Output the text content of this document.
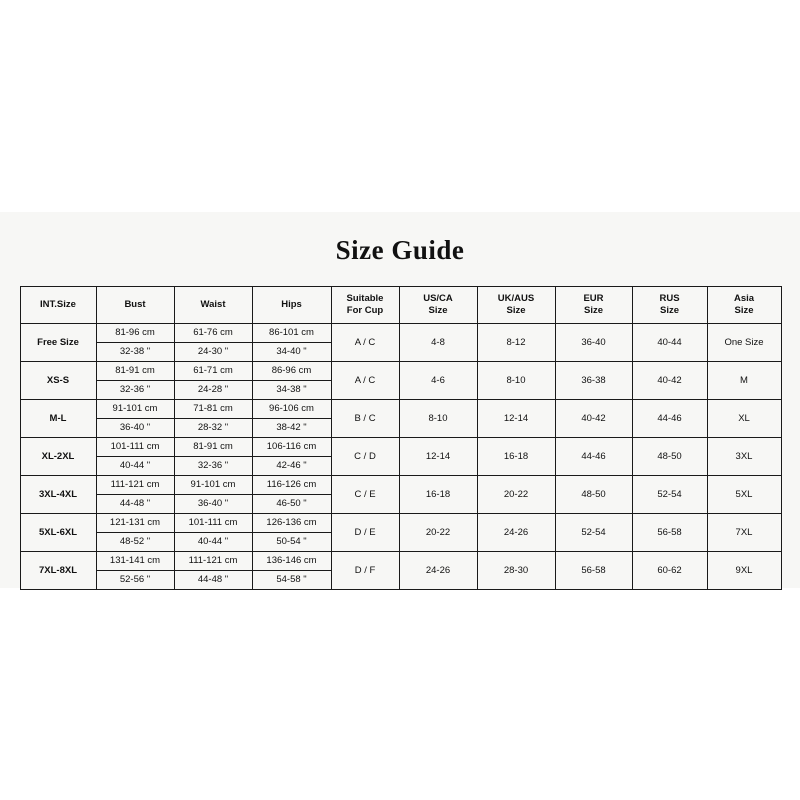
Size Guide
INT.Size	Bust	Waist	Hips	Suitable
For Cup	US/CA
Size	UK/AUS
Size	EUR
Size	RUS
Size	Asia
Size

Free Size	81-96 cm
32-38 "	61-76 cm
24-30 "	86-101 cm
34-40 "	A / C	4-8	8-12	36-40	40-44	One Size
XS-S	81-91 cm
32-36 "	61-71 cm
24-28 "	86-96 cm
34-38 "	A / C	4-6	8-10	36-38	40-42	M
M-L	91-101 cm
36-40 "	71-81 cm
28-32 "	96-106 cm
38-42 "	B / C	8-10	12-14	40-42	44-46	XL
XL-2XL	101-111 cm
40-44 "	81-91 cm
32-36 "	106-116 cm
42-46 "	C / D	12-14	16-18	44-46	48-50	3XL
3XL-4XL	111-121 cm
44-48 "	91-101 cm
36-40 "	116-126 cm
46-50 "	C / E	16-18	20-22	48-50	52-54	5XL
5XL-6XL	121-131 cm
48-52 "	101-111 cm
40-44 "	126-136 cm
50-54 "	D / E	20-22	24-26	52-54	56-58	7XL
7XL-8XL	131-141 cm
52-56 "	111-121 cm
44-48 "	136-146 cm
54-58 "	D / F	24-26	28-30	56-58	60-62	9XL
